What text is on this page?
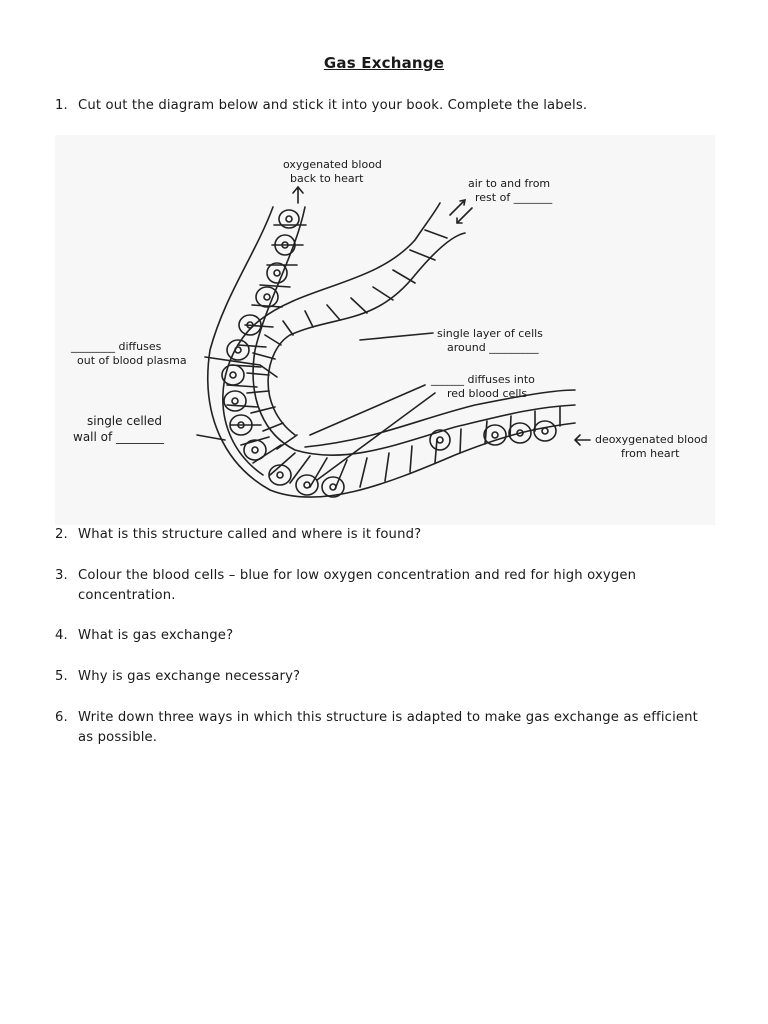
Gas Exchange
1. Cut out the diagram below and stick it into your book. Complete the labels.
oxygenated blood
back to heart	air to and from
rest of _______
single layer of cells
around _________
________ diffuses
out of blood plasma
______ diffuses into
red blood cells
single celled
wall of ________	deoxygenated blood
from heart
2. What is this structure called and where is it found?
3. Colour the blood cells – blue for low oxygen concentration and red for high oxygen concentration.
4. What is gas exchange?
5. Why is gas exchange necessary?
6. Write down three ways in which this structure is adapted to make gas exchange as efficient as possible.
